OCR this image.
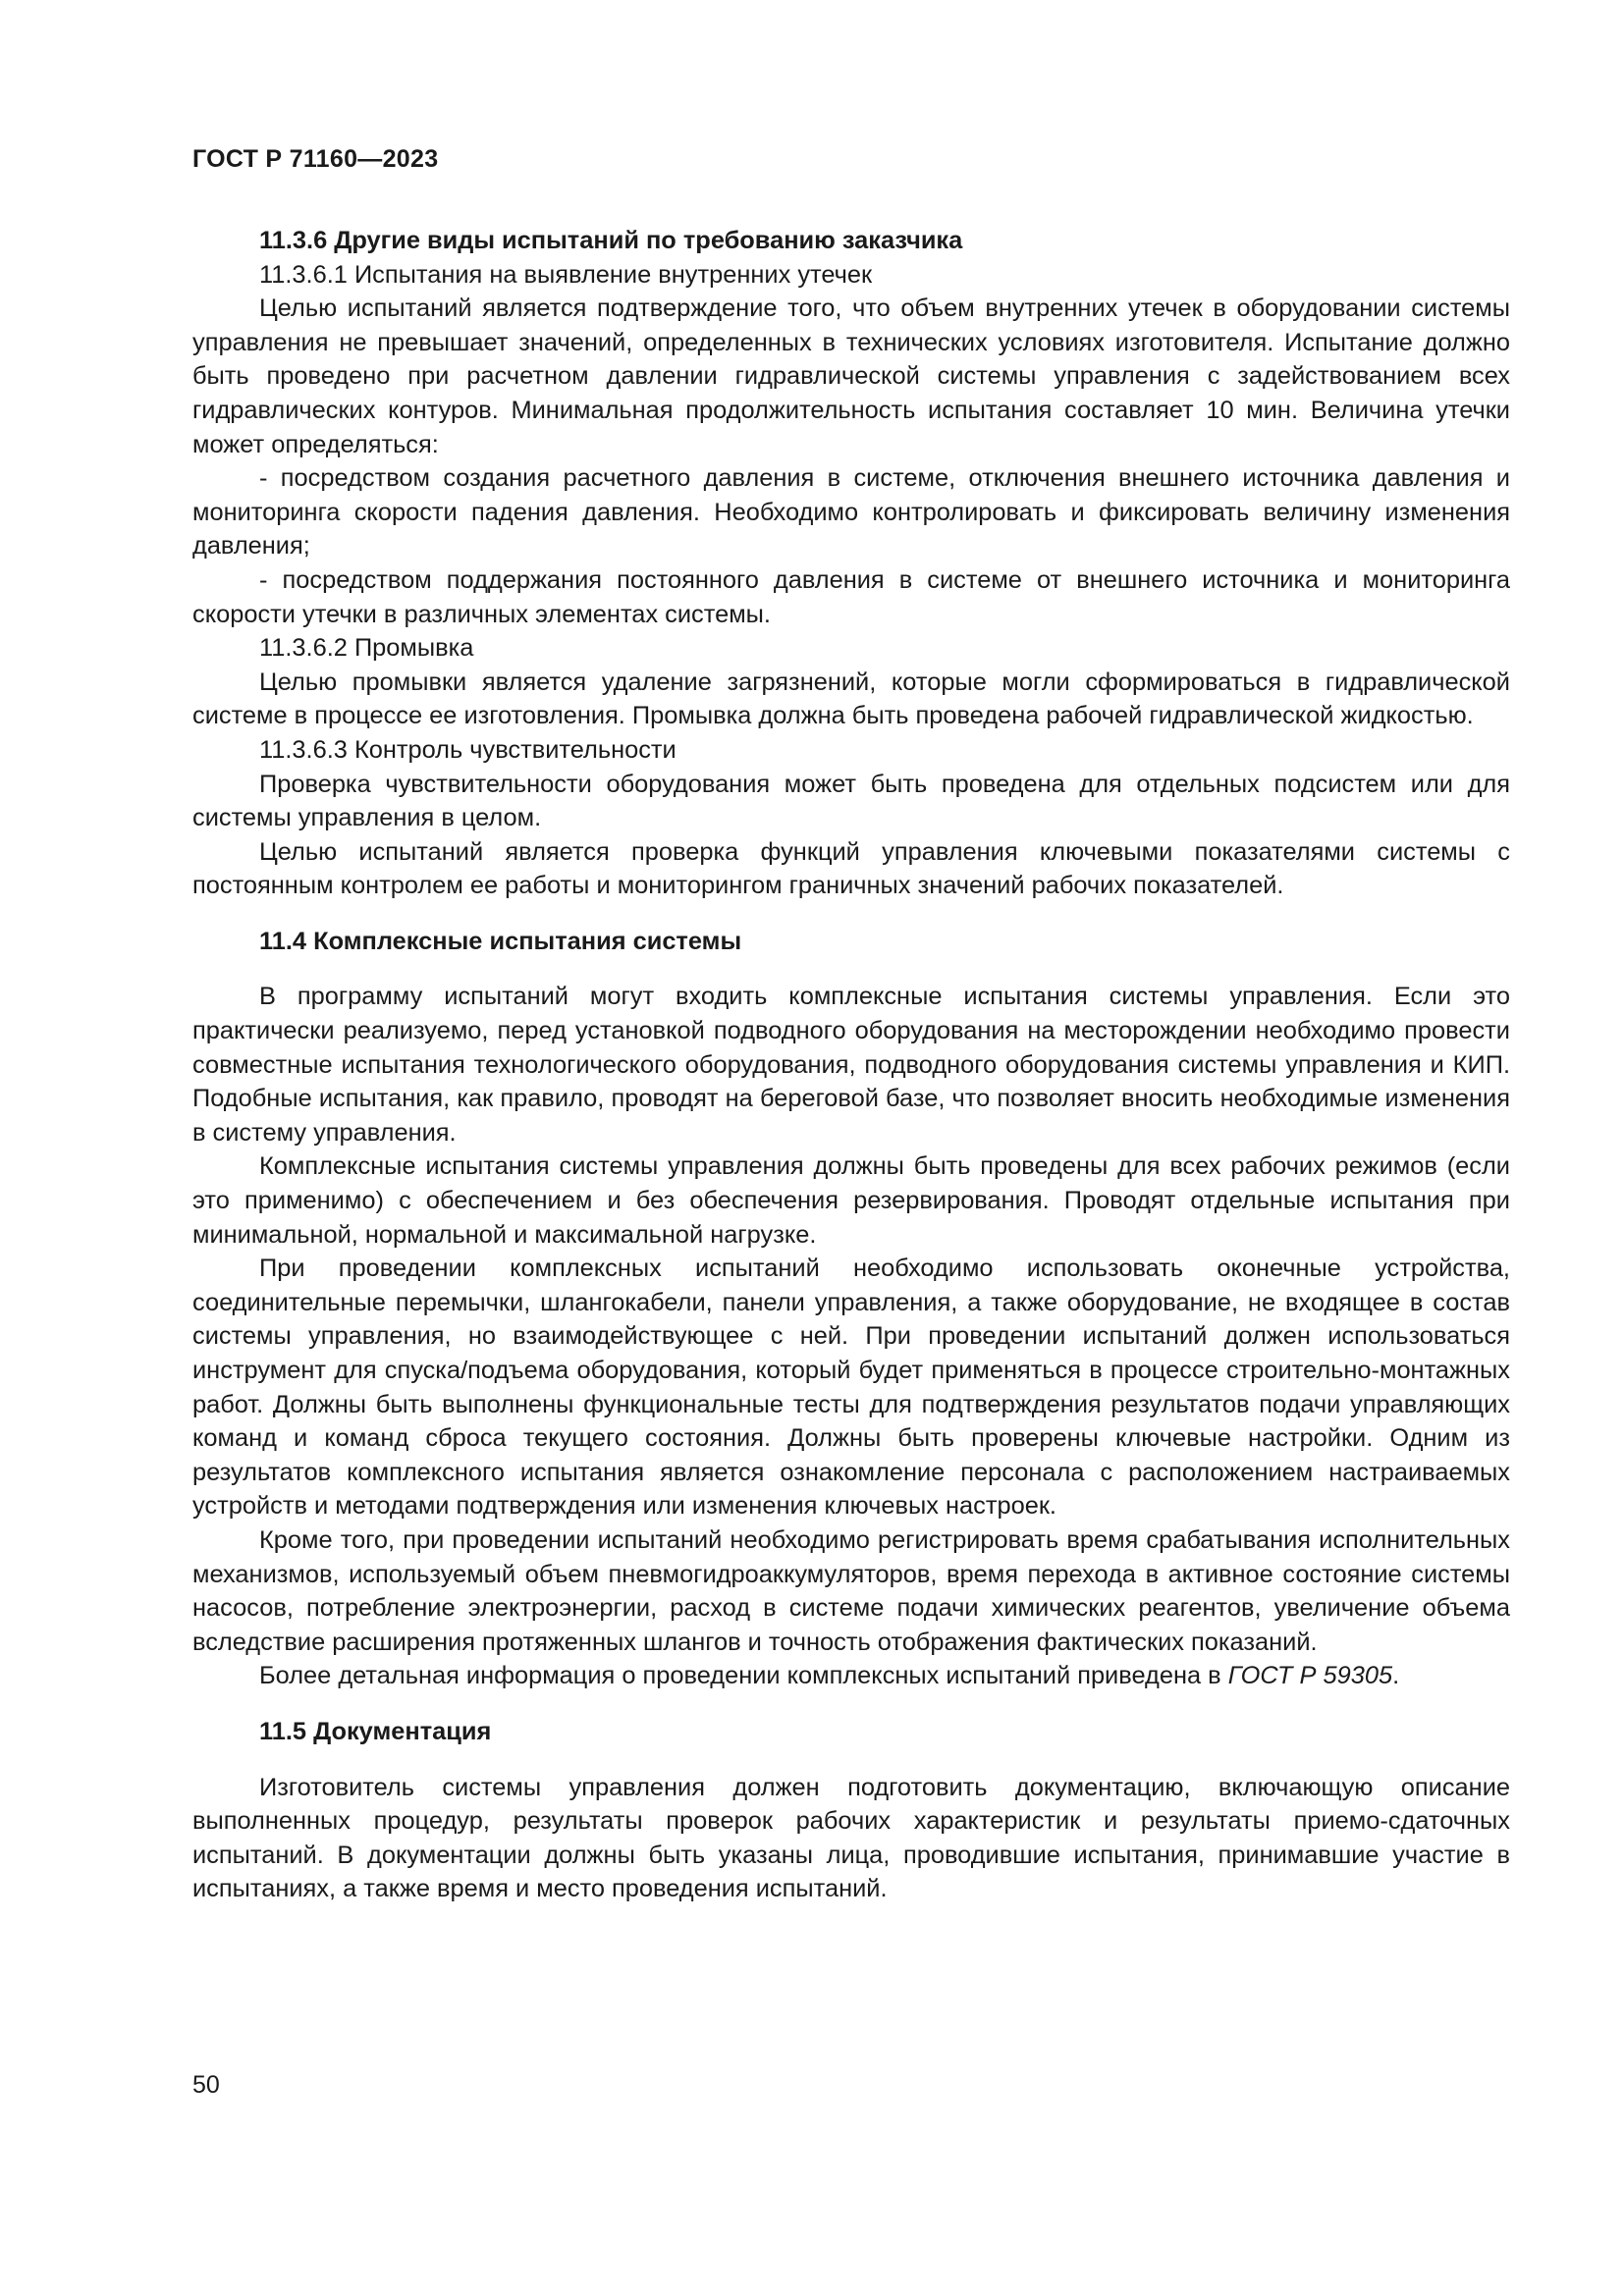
ГОСТ Р 71160—2023

11.3.6 Другие виды испытаний по требованию заказчика
11.3.6.1 Испытания на выявление внутренних утечек

Целью испытаний является подтверждение того, что объем внутренних утечек в оборудовании системы управления не превышает значений, определенных в технических условиях изготовителя. Испытание должно быть проведено при расчетном давлении гидравлической системы управления с задействованием всех гидравлических контуров. Минимальная продолжительность испытания составляет 10 мин. Величина утечки может определяться:

- посредством создания расчетного давления в системе, отключения внешнего источника давления и мониторинга скорости падения давления. Необходимо контролировать и фиксировать величину изменения давления;

- посредством поддержания постоянного давления в системе от внешнего источника и мониторинга скорости утечки в различных элементах системы.

11.3.6.2 Промывка

Целью промывки является удаление загрязнений, которые могли сформироваться в гидравлической системе в процессе ее изготовления. Промывка должна быть проведена рабочей гидравлической жидкостью.

11.3.6.3 Контроль чувствительности

Проверка чувствительности оборудования может быть проведена для отдельных подсистем или для системы управления в целом.

Целью испытаний является проверка функций управления ключевыми показателями системы с постоянным контролем ее работы и мониторингом граничных значений рабочих показателей.

11.4 Комплексные испытания системы

В программу испытаний могут входить комплексные испытания системы управления. Если это практически реализуемо, перед установкой подводного оборудования на месторождении необходимо провести совместные испытания технологического оборудования, подводного оборудования системы управления и КИП. Подобные испытания, как правило, проводят на береговой базе, что позволяет вносить необходимые изменения в систему управления.

Комплексные испытания системы управления должны быть проведены для всех рабочих режимов (если это применимо) с обеспечением и без обеспечения резервирования. Проводят отдельные испытания при минимальной, нормальной и максимальной нагрузке.

При проведении комплексных испытаний необходимо использовать оконечные устройства, соединительные перемычки, шлангокабели, панели управления, а также оборудование, не входящее в состав системы управления, но взаимодействующее с ней. При проведении испытаний должен использоваться инструмент для спуска/подъема оборудования, который будет применяться в процессе строительно-монтажных работ. Должны быть выполнены функциональные тесты для подтверждения результатов подачи управляющих команд и команд сброса текущего состояния. Должны быть проверены ключевые настройки. Одним из результатов комплексного испытания является ознакомление персонала с расположением настраиваемых устройств и методами подтверждения или изменения ключевых настроек.

Кроме того, при проведении испытаний необходимо регистрировать время срабатывания исполнительных механизмов, используемый объем пневмогидроаккумуляторов, время перехода в активное состояние системы насосов, потребление электроэнергии, расход в системе подачи химических реагентов, увеличение объема вследствие расширения протяженных шлангов и точность отображения фактических показаний.

Более детальная информация о проведении комплексных испытаний приведена в ГОСТ Р 59305.

11.5 Документация

Изготовитель системы управления должен подготовить документацию, включающую описание выполненных процедур, результаты проверок рабочих характеристик и результаты приемо-сдаточных испытаний. В документации должны быть указаны лица, проводившие испытания, принимавшие участие в испытаниях, а также время и место проведения испытаний.

50
